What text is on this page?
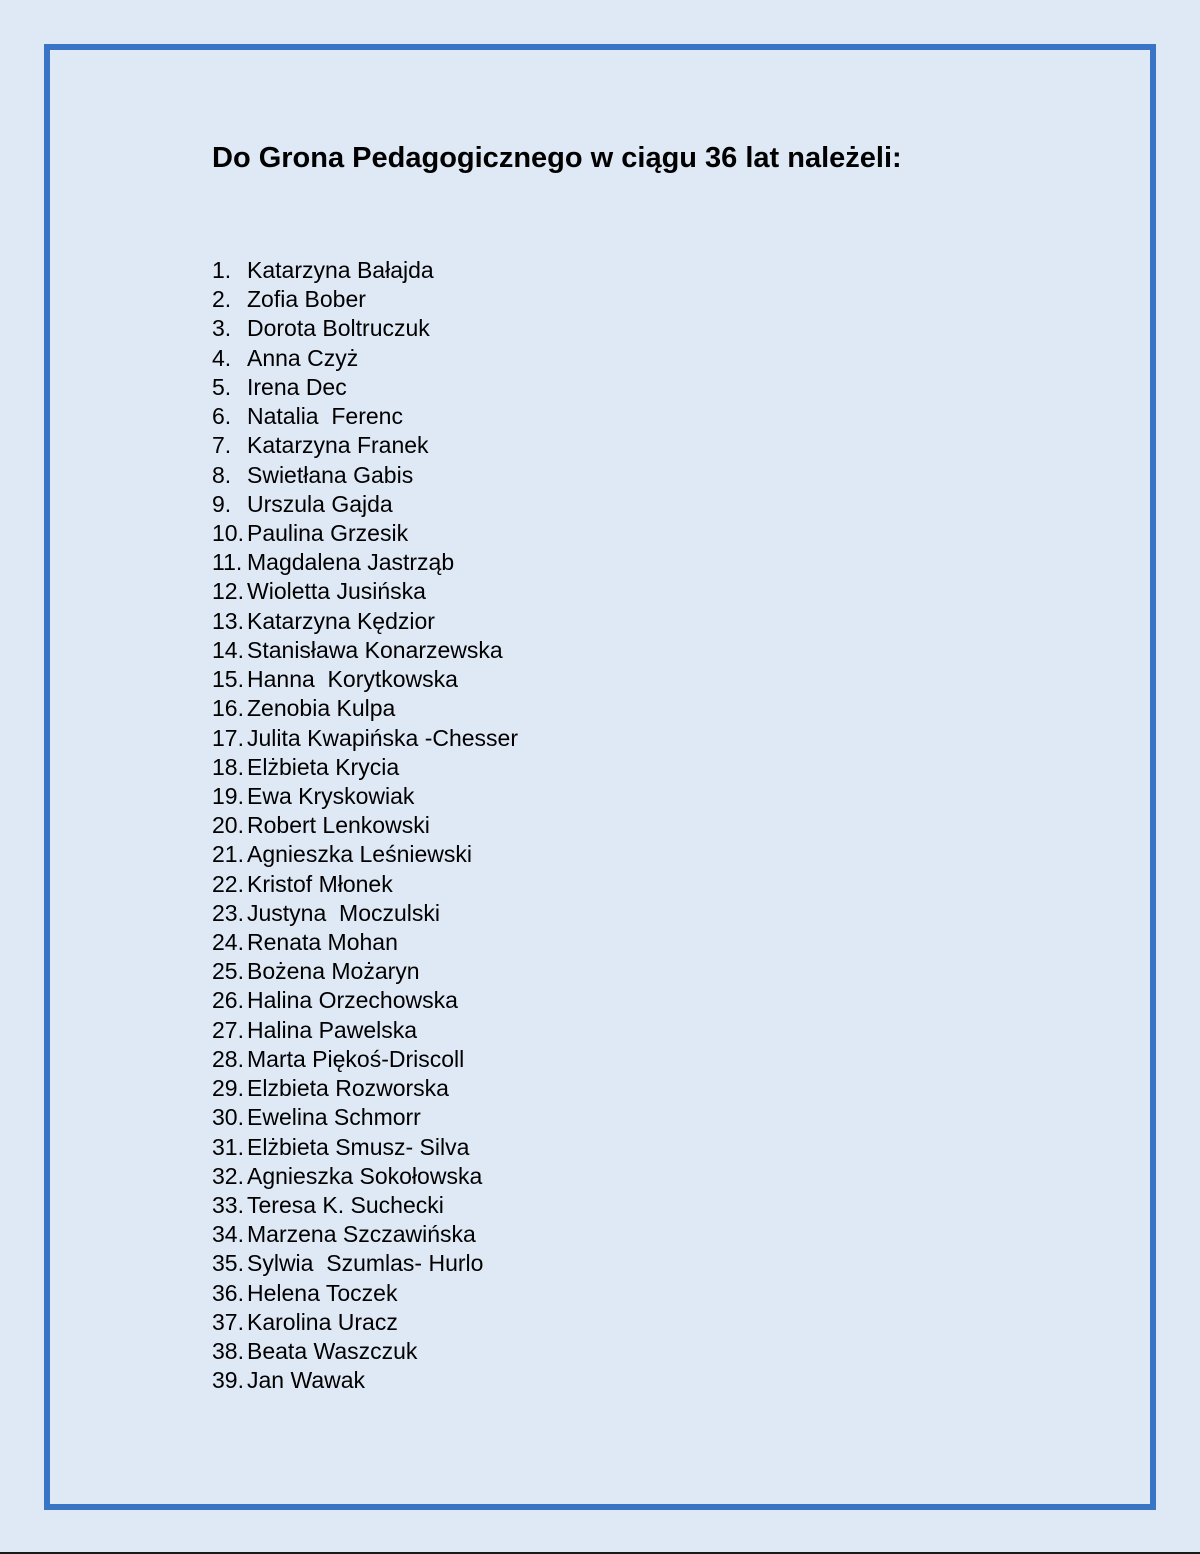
Do Grona Pedagogicznego w ciągu 36 lat należeli:
1. Katarzyna Bałajda
2. Zofia Bober
3. Dorota Boltruczuk
4. Anna Czyż
5. Irena Dec
6. Natalia  Ferenc
7. Katarzyna Franek
8. Swietłana Gabis
9. Urszula Gajda
10. Paulina Grzesik
11. Magdalena Jastrząb
12. Wioletta Jusińska
13. Katarzyna Kędzior
14. Stanisława Konarzewska
15. Hanna  Korytkowska
16. Zenobia Kulpa
17. Julita Kwapińska -Chesser
18. Elżbieta Krycia
19. Ewa Kryskowiak
20. Robert Lenkowski
21. Agnieszka Leśniewski
22. Kristof Młonek
23. Justyna  Moczulski
24. Renata Mohan
25. Bożena Możaryn
26. Halina Orzechowska
27. Halina Pawelska
28. Marta Piękoś-Driscoll
29. Elzbieta Rozworska
30. Ewelina Schmorr
31. Elżbieta Smusz- Silva
32. Agnieszka Sokołowska
33. Teresa K. Suchecki
34. Marzena Szczawińska
35. Sylwia  Szumlas- Hurlo
36. Helena Toczek
37. Karolina Uracz
38. Beata Waszczuk
39. Jan Wawak
